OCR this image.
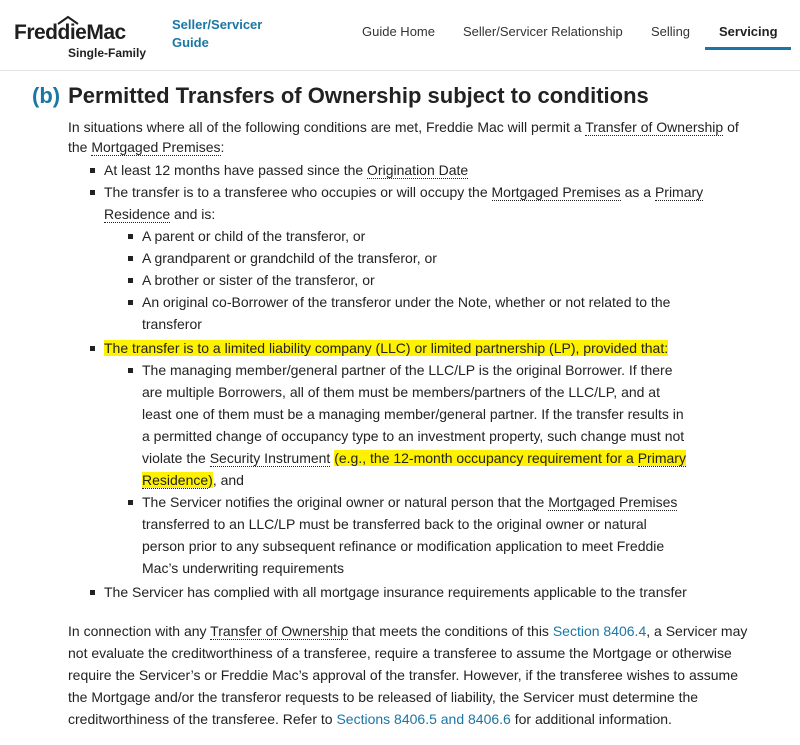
FreddieMac
Single-Family
Seller/Servicer
Guide
Guide Home Seller/Servicer Relationship Selling Servicing
(b) Permitted Transfers of Ownership subject to conditions
In situations where all of the following conditions are met, Freddie Mac will permit a Transfer of Ownership of
the Mortgaged Premises:
At least 12 months have passed since the Origination Date
The transfer is to a transferee who occupies or will occupy the Mortgaged Premises as a Primary
Residence and is:
A parent or child of the transferor, or
A grandparent or grandchild of the transferor, or
A brother or sister of the transferor, or
An original co-Borrower of the transferor under the Note, whether or not related to the
transferor
The transfer is to a limited liability company (LLC) or limited partnership (LP), provided that:
The managing member/general partner of the LLC/LP is the original Borrower. If there
are multiple Borrowers, all of them must be members/partners of the LLC/LP, and at
least one of them must be a managing member/general partner. If the transfer results in
a permitted change of occupancy type to an investment property, such change must not
violate the Security Instrument (e.g., the 12-month occupancy requirement for a Primary
Residence), and
The Servicer notifies the original owner or natural person that the Mortgaged Premises
transferred to an LLC/LP must be transferred back to the original owner or natural
person prior to any subsequent refinance or modification application to meet Freddie
Mac’s underwriting requirements
The Servicer has complied with all mortgage insurance requirements applicable to the transfer
In connection with any Transfer of Ownership that meets the conditions of this Section 8406.4, a Servicer may
not evaluate the creditworthiness of a transferee, require a transferee to assume the Mortgage or otherwise
require the Servicer’s or Freddie Mac’s approval of the transfer. However, if the transferee wishes to assume
the Mortgage and/or the transferor requests to be released of liability, the Servicer must determine the
creditworthiness of the transferee. Refer to Sections 8406.5 and 8406.6 for additional information.
